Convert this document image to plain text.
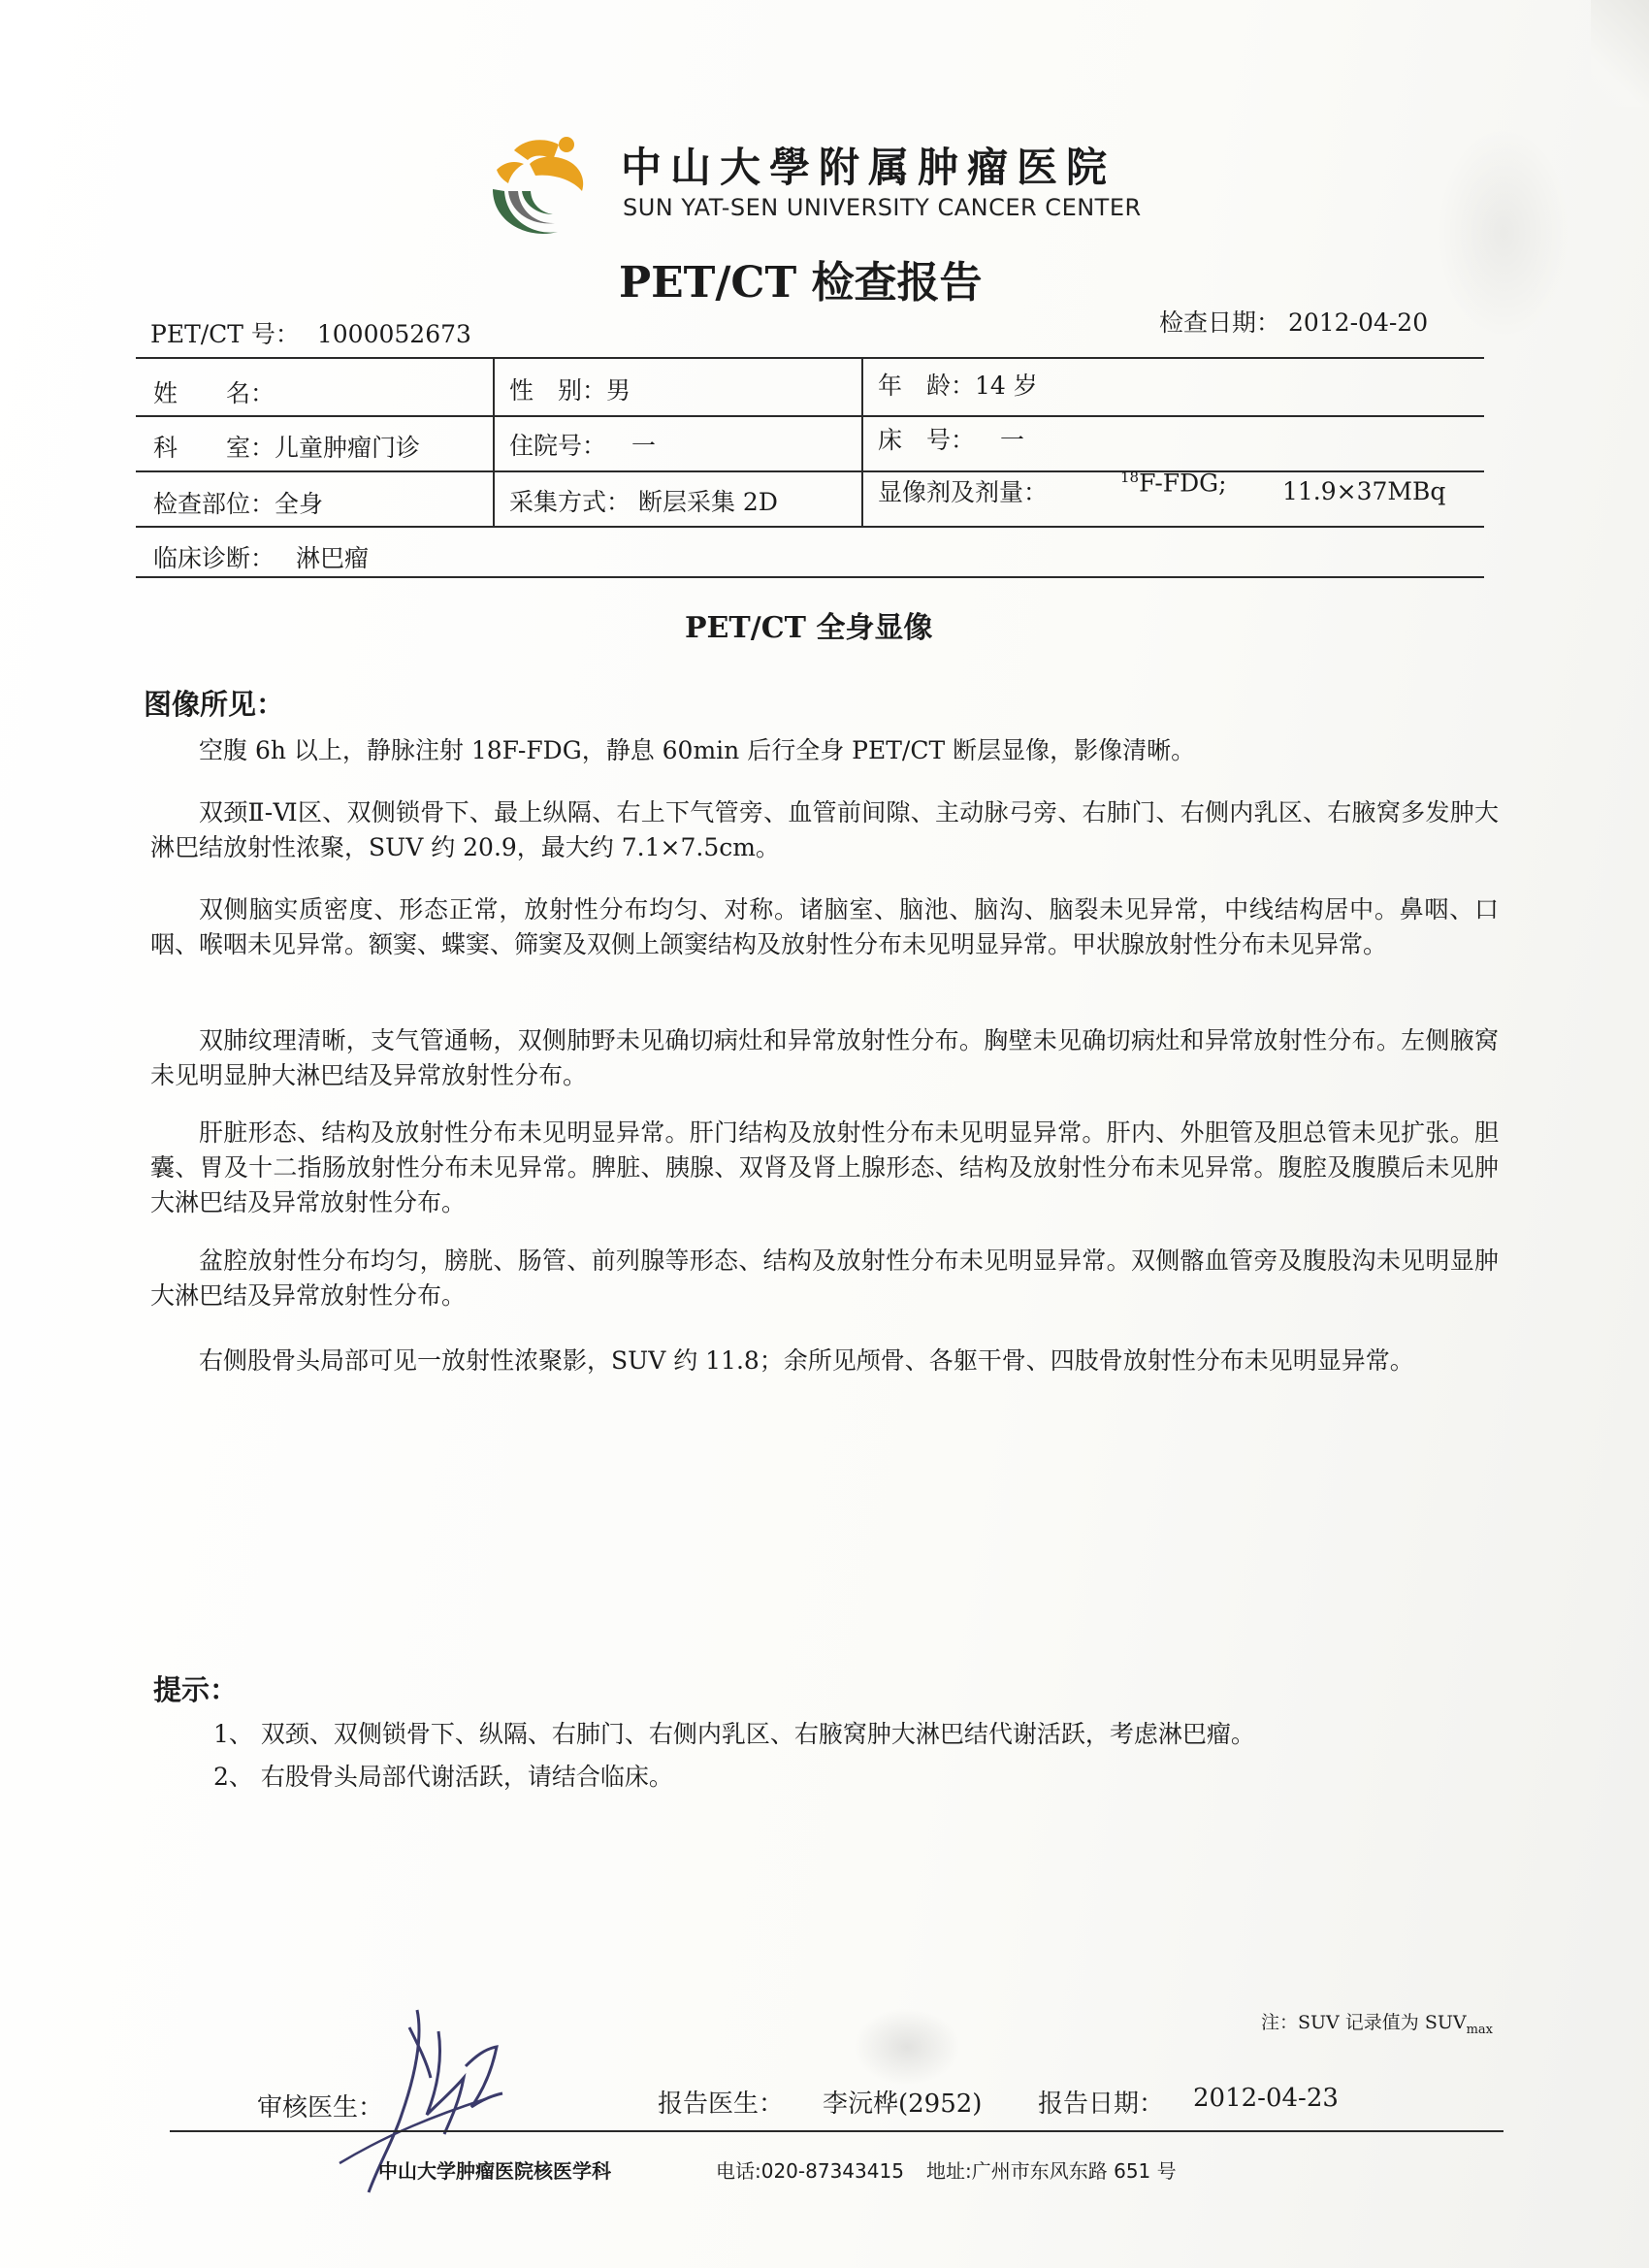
中山大學附属肿瘤医院
SUN YAT-SEN UNIVERSITY CANCER CENTER
PET/CT 检查报告
PET/CT 号： 1000052673	检查日期： 2012-04-20
姓　　名：	性　别：男	年　龄：14 岁
科　　室：儿童肿瘤门诊	住院号： 一	床　号： 一
检查部位：全身	采集方式： 断层采集 2D	显像剂及剂量：
$^{18}$F-FDG; 11.9×37MBq
临床诊断： 淋巴瘤
PET/CT 全身显像
图像所见：

空腹 6h 以上，静脉注射 18F-FDG，静息 60min 后行全身 PET/CT 断层显像，影像清晰。

双颈Ⅱ-Ⅵ区、双侧锁骨下、最上纵隔、右上下气管旁、血管前间隙、主动脉弓旁、右肺门、右侧内乳区、右腋窝多发肿大淋巴结放射性浓聚，SUV 约 20.9，最大约 7.1×7.5cm。

双侧脑实质密度、形态正常，放射性分布均匀、对称。诸脑室、脑池、脑沟、脑裂未见异常，中线结构居中。鼻咽、口咽、喉咽未见异常。额窦、蝶窦、筛窦及双侧上颌窦结构及放射性分布未见明显异常。甲状腺放射性分布未见异常。

双肺纹理清晰，支气管通畅，双侧肺野未见确切病灶和异常放射性分布。胸壁未见确切病灶和异常放射性分布。左侧腋窝未见明显肿大淋巴结及异常放射性分布。

肝脏形态、结构及放射性分布未见明显异常。肝门结构及放射性分布未见明显异常。肝内、外胆管及胆总管未见扩张。胆囊、胃及十二指肠放射性分布未见异常。脾脏、胰腺、双肾及肾上腺形态、结构及放射性分布未见异常。腹腔及腹膜后未见肿大淋巴结及异常放射性分布。

盆腔放射性分布均匀，膀胱、肠管、前列腺等形态、结构及放射性分布未见明显异常。双侧髂血管旁及腹股沟未见明显肿大淋巴结及异常放射性分布。

右侧股骨头局部可见一放射性浓聚影，SUV 约 11.8；余所见颅骨、各躯干骨、四肢骨放射性分布未见明显异常。

提示：
1、 双颈、双侧锁骨下、纵隔、右肺门、右侧内乳区、右腋窝肿大淋巴结代谢活跃，考虑淋巴瘤。
2、 右股骨头局部代谢活跃，请结合临床。
注：SUV 记录值为 $SUV_{max}$
审核医生：	报告医生： 李沅桦(2952) 报告日期： 2012-04-23
中山大学肿瘤医院核医学科	电话:020-87343415 地址:广州市东风东路 651 号
